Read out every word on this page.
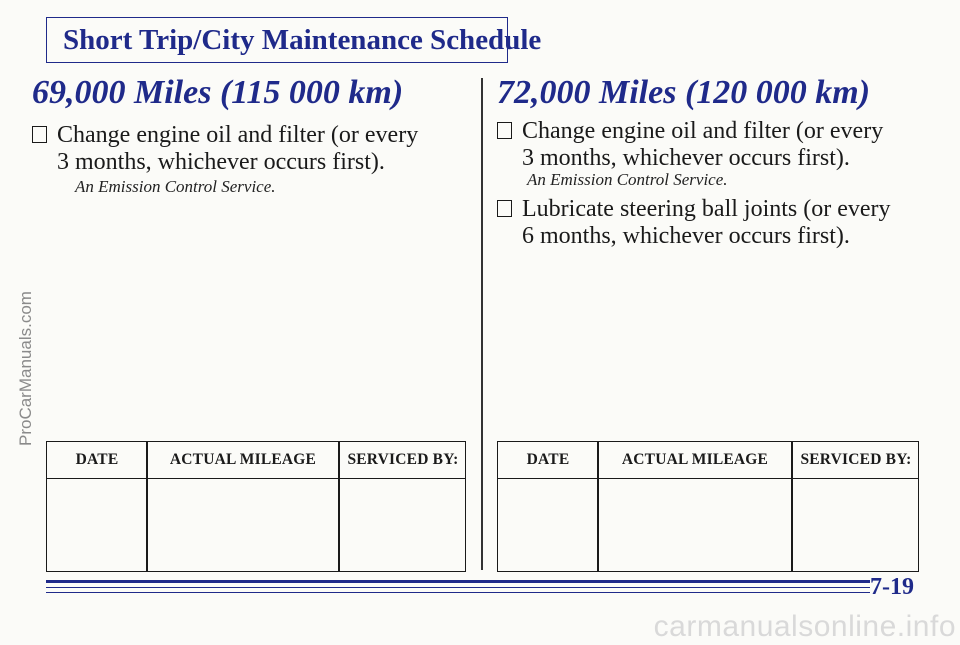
Short Trip/City Maintenance Schedule
69,000 Miles (115 000 km)
Change engine oil and filter (or every
3 months, whichever occurs first).
An Emission Control Service.
DATE	ACTUAL MILEAGE	SERVICED BY:
72,000 Miles (120 000 km)
Change engine oil and filter (or every
3 months, whichever occurs first).
An Emission Control Service.
Lubricate steering ball joints (or every
6 months, whichever occurs first).
DATE	ACTUAL MILEAGE	SERVICED BY:
7-19
ProCarManuals.com
carmanualsonline.info
